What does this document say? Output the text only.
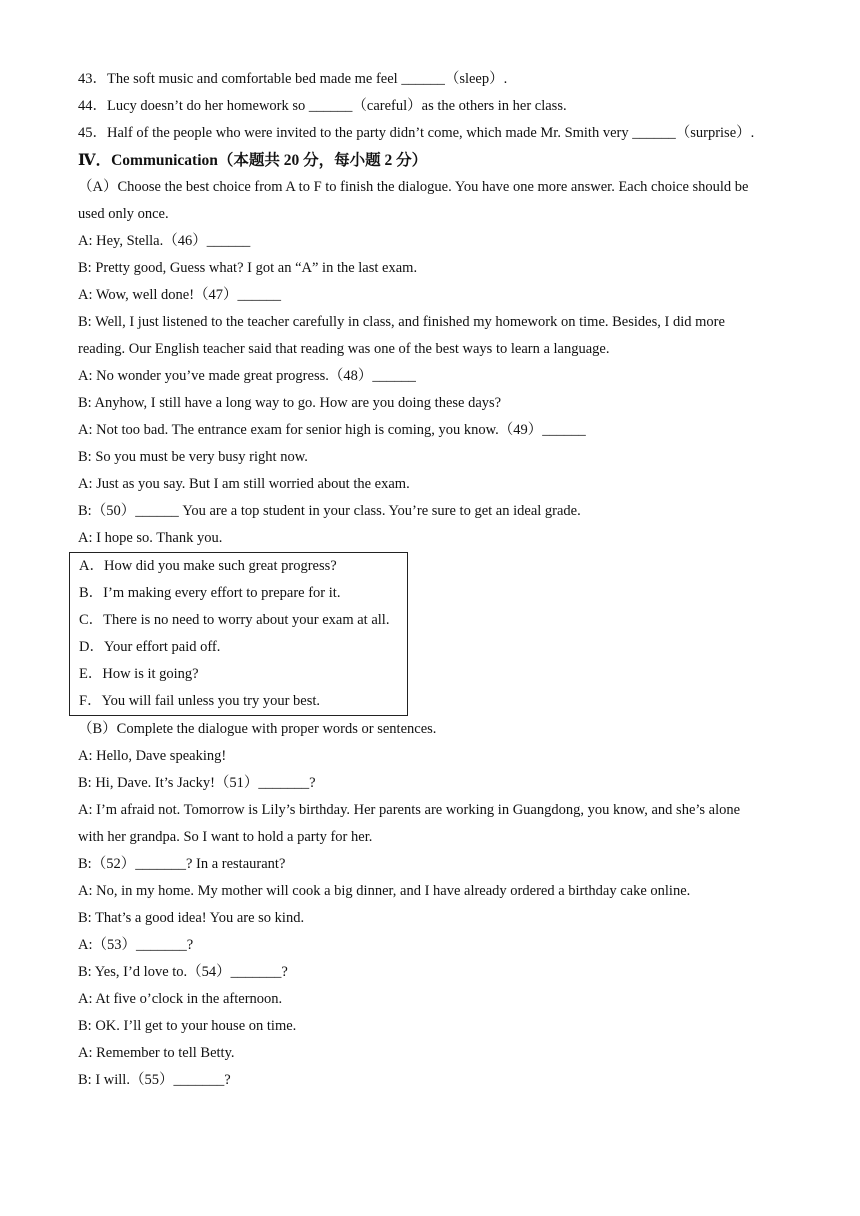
43．The soft music and comfortable bed made me feel ______（sleep）.
44．Lucy doesn’t do her homework so ______（careful）as the others in her class.
45．Half of the people who were invited to the party didn’t come, which made Mr. Smith very ______（surprise）.
Ⅳ．Communication（本题共 20 分，每小题 2 分）
（A）Choose the best choice from A to F to finish the dialogue. You have one more answer. Each choice should be
used only once.
A: Hey, Stella.（46）______
B: Pretty good, Guess what? I got an “A” in the last exam.
A: Wow, well done!（47）______
B: Well, I just listened to the teacher carefully in class, and finished my homework on time. Besides, I did more
reading. Our English teacher said that reading was one of the best ways to learn a language.
A: No wonder you’ve made great progress.（48）______
B: Anyhow, I still have a long way to go. How are you doing these days?
A: Not too bad. The entrance exam for senior high is coming, you know.（49）______
B: So you must be very busy right now.
A: Just as you say. But I am still worried about the exam.
B:（50）______ You are a top student in your class. You’re sure to get an ideal grade.
A: I hope so. Thank you.
A．How did you make such great progress?
B．I’m making every effort to prepare for it.
C．There is no need to worry about your exam at all.
D．Your effort paid off.
E．How is it going?
F．You will fail unless you try your best.
（B）Complete the dialogue with proper words or sentences.
A: Hello, Dave speaking!
B: Hi, Dave. It’s Jacky!（51）_______?
A: I’m afraid not. Tomorrow is Lily’s birthday. Her parents are working in Guangdong, you know, and she’s alone
with her grandpa. So I want to hold a party for her.
B:（52）_______? In a restaurant?
A: No, in my home. My mother will cook a big dinner, and I have already ordered a birthday cake online.
B: That’s a good idea! You are so kind.
A:（53）_______?
B: Yes, I’d love to.（54）_______?
A: At five o’clock in the afternoon.
B: OK. I’ll get to your house on time.
A: Remember to tell Betty.
B: I will.（55）_______?
